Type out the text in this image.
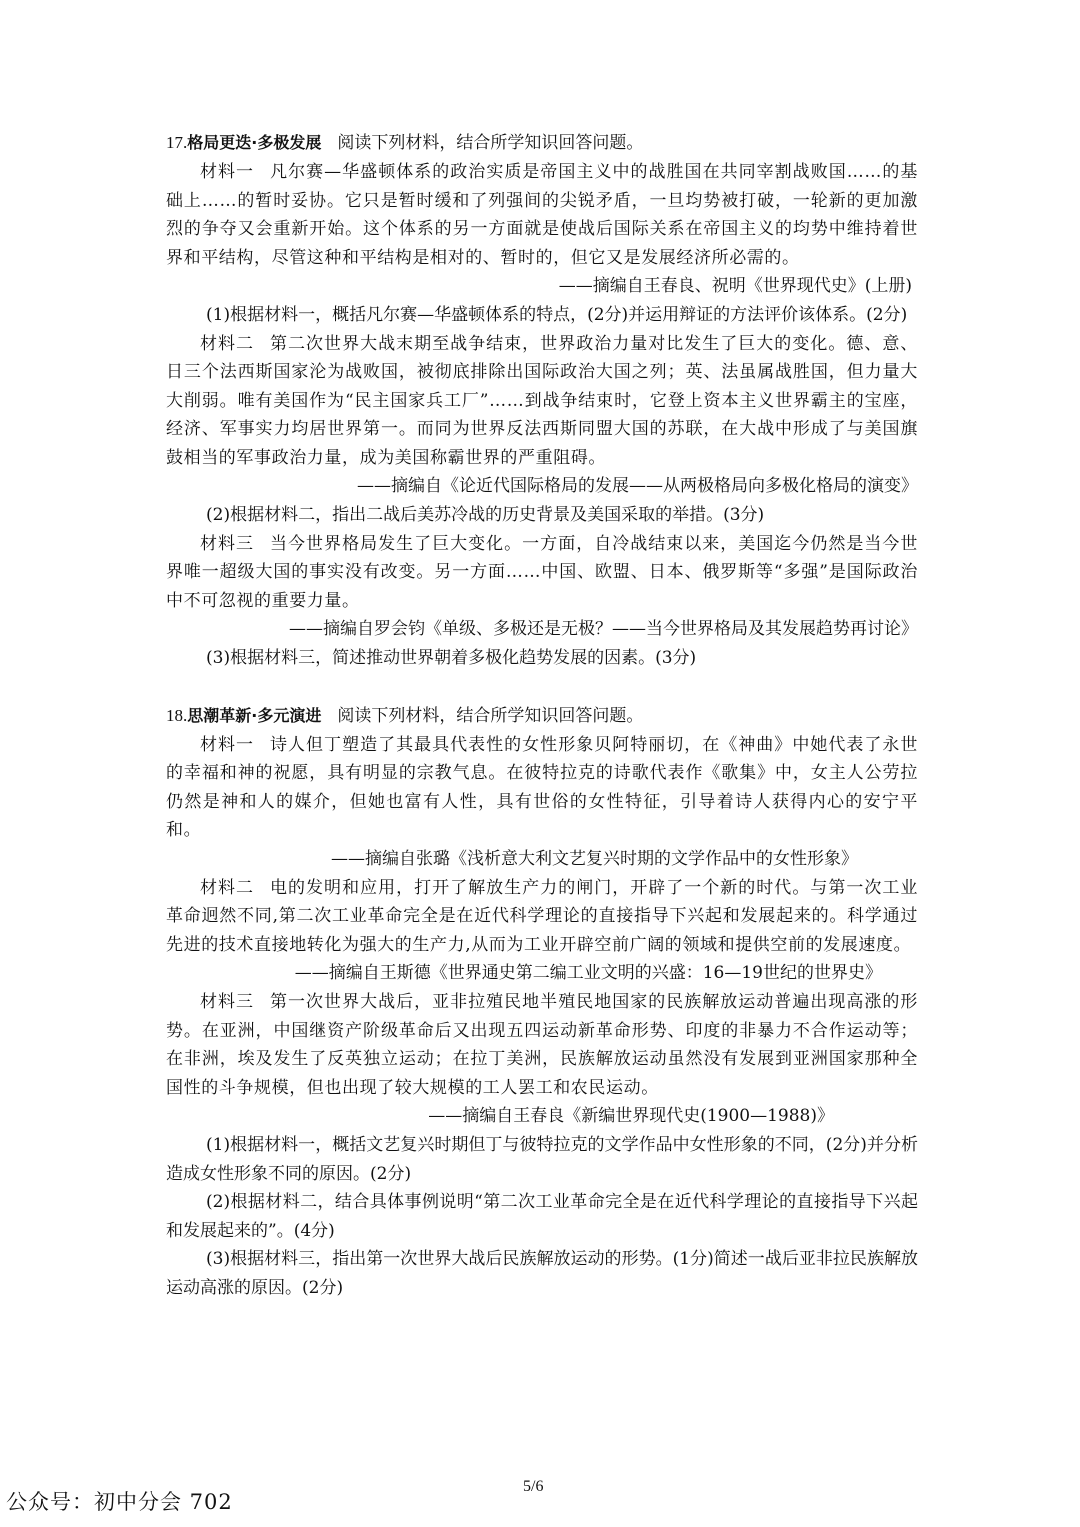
17.格局更迭·多极发展 阅读下列材料，结合所学知识回答问题。

材料一 凡尔赛—华盛顿体系的政治实质是帝国主义中的战胜国在共同宰割战败国……的基础上……的暂时妥协。它只是暂时缓和了列强间的尖锐矛盾，一旦均势被打破，一轮新的更加激烈的争夺又会重新开始。这个体系的另一方面就是使战后国际关系在帝国主义的均势中维持着世界和平结构，尽管这种和平结构是相对的、暂时的，但它又是发展经济所必需的。

——摘编自王春良、祝明《世界现代史》(上册)

(1)根据材料一，概括凡尔赛—华盛顿体系的特点，(2分)并运用辩证的方法评价该体系。(2分)

材料二 第二次世界大战末期至战争结束，世界政治力量对比发生了巨大的变化。德、意、日三个法西斯国家沦为战败国，被彻底排除出国际政治大国之列；英、法虽属战胜国，但力量大大削弱。唯有美国作为“民主国家兵工厂”……到战争结束时，它登上资本主义世界霸主的宝座，经济、军事实力均居世界第一。而同为世界反法西斯同盟大国的苏联，在大战中形成了与美国旗鼓相当的军事政治力量，成为美国称霸世界的严重阻碍。

——摘编自《论近代国际格局的发展——从两极格局向多极化格局的演变》

(2)根据材料二，指出二战后美苏冷战的历史背景及美国采取的举措。(3分)

材料三 当今世界格局发生了巨大变化。一方面，自冷战结束以来，美国迄今仍然是当今世界唯一超级大国的事实没有改变。另一方面……中国、欧盟、日本、俄罗斯等“多强”是国际政治中不可忽视的重要力量。

——摘编自罗会钧《单级、多极还是无极？——当今世界格局及其发展趋势再讨论》

(3)根据材料三，简述推动世界朝着多极化趋势发展的因素。(3分)

18.思潮革新·多元演进 阅读下列材料，结合所学知识回答问题。

材料一 诗人但丁塑造了其最具代表性的女性形象贝阿特丽切，在《神曲》中她代表了永世的幸福和神的祝愿，具有明显的宗教气息。在彼特拉克的诗歌代表作《歌集》中，女主人公劳拉仍然是神和人的媒介，但她也富有人性，具有世俗的女性特征，引导着诗人获得内心的安宁平和。

——摘编自张璐《浅析意大利文艺复兴时期的文学作品中的女性形象》

材料二 电的发明和应用，打开了解放生产力的闸门，开辟了一个新的时代。与第一次工业革命迥然不同,第二次工业革命完全是在近代科学理论的直接指导下兴起和发展起来的。科学通过先进的技术直接地转化为强大的生产力,从而为工业开辟空前广阔的领域和提供空前的发展速度。

——摘编自王斯德《世界通史第二编工业文明的兴盛：16—19世纪的世界史》

材料三 第一次世界大战后，亚非拉殖民地半殖民地国家的民族解放运动普遍出现高涨的形势。在亚洲，中国继资产阶级革命后又出现五四运动新革命形势、印度的非暴力不合作运动等；在非洲，埃及发生了反英独立运动；在拉丁美洲，民族解放运动虽然没有发展到亚洲国家那种全国性的斗争规模，但也出现了较大规模的工人罢工和农民运动。

——摘编自王春良《新编世界现代史(1900—1988)》

(1)根据材料一，概括文艺复兴时期但丁与彼特拉克的文学作品中女性形象的不同，(2分)并分析造成女性形象不同的原因。(2分)

(2)根据材料二，结合具体事例说明“第二次工业革命完全是在近代科学理论的直接指导下兴起和发展起来的”。(4分)

(3)根据材料三，指出第一次世界大战后民族解放运动的形势。(1分)简述一战后亚非拉民族解放运动高涨的原因。(2分)

5/6
公众号：初中分会 702
